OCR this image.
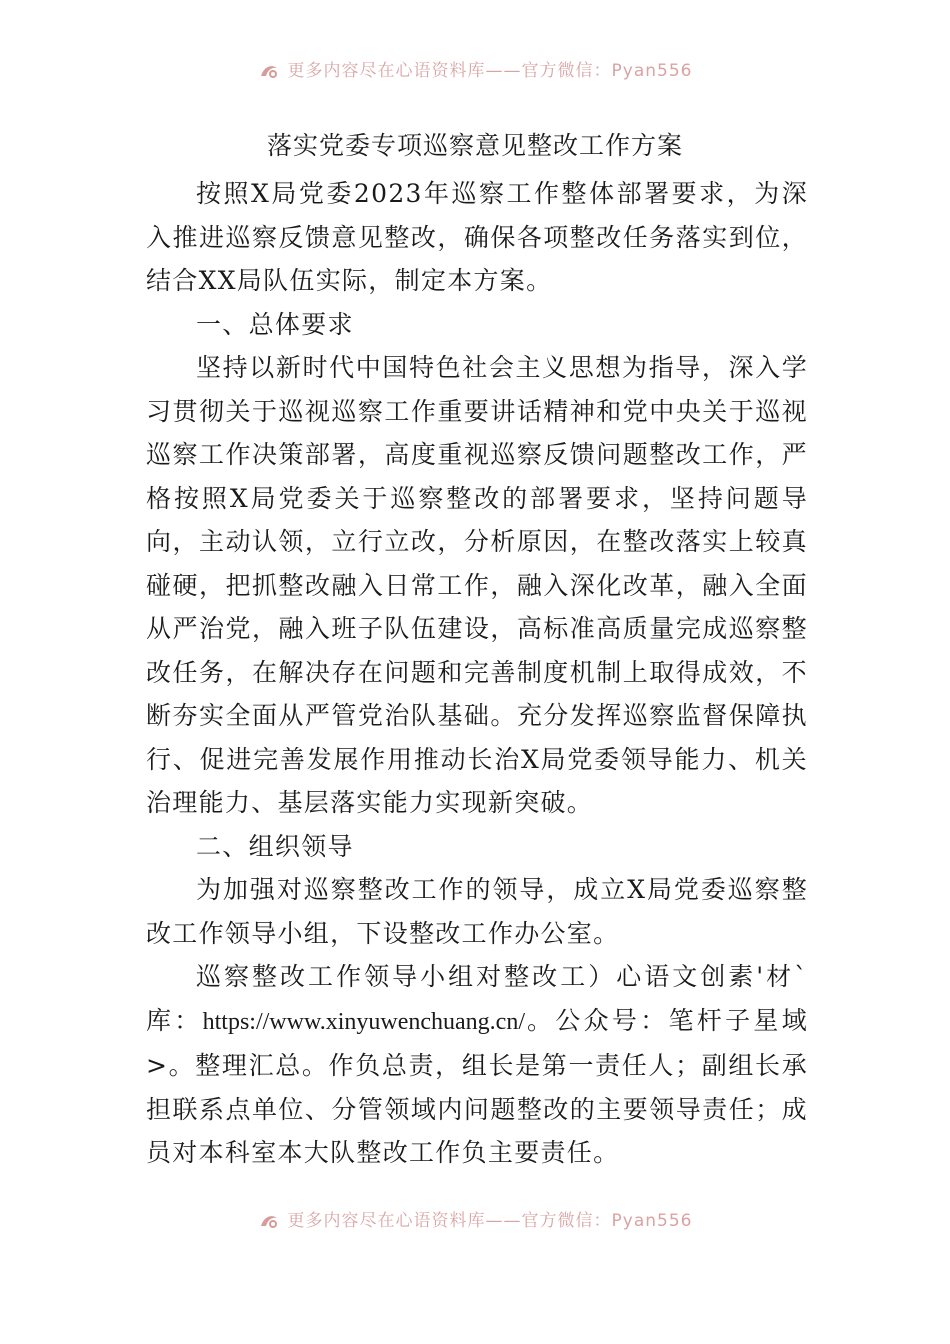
更多内容尽在心语资料库——官方微信：Pyan556
落实党委专项巡察意见整改工作方案

按照X局党委2023年巡察工作整体部署要求，为深入推进巡察反馈意见整改，确保各项整改任务落实到位，结合XX局队伍实际，制定本方案。

一、总体要求

坚持以新时代中国特色社会主义思想为指导，深入学习贯彻关于巡视巡察工作重要讲话精神和党中央关于巡视巡察工作决策部署，高度重视巡察反馈问题整改工作，严格按照X局党委关于巡察整改的部署要求，坚持问题导向，主动认领，立行立改，分析原因，在整改落实上较真碰硬，把抓整改融入日常工作，融入深化改革，融入全面从严治党，融入班子队伍建设，高标准高质量完成巡察整改任务，在解决存在问题和完善制度机制上取得成效，不断夯实全面从严管党治队基础。充分发挥巡察监督保障执行、促进完善发展作用推动长治X局党委领导能力、机关治理能力、基层落实能力实现新突破。

二、组织领导

为加强对巡察整改工作的领导，成立X局党委巡察整改工作领导小组，下设整改工作办公室。

巡察整改工作领导小组对整改工）心语文创素'材`库：https://www.xinyuwenchuang.cn/。公众号：笔杆子星域>。整理汇总。作负总责，组长是第一责任人；副组长承担联系点单位、分管领域内问题整改的主要领导责任；成员对本科室本大队整改工作负主要责任。

更多内容尽在心语资料库——官方微信：Pyan556
